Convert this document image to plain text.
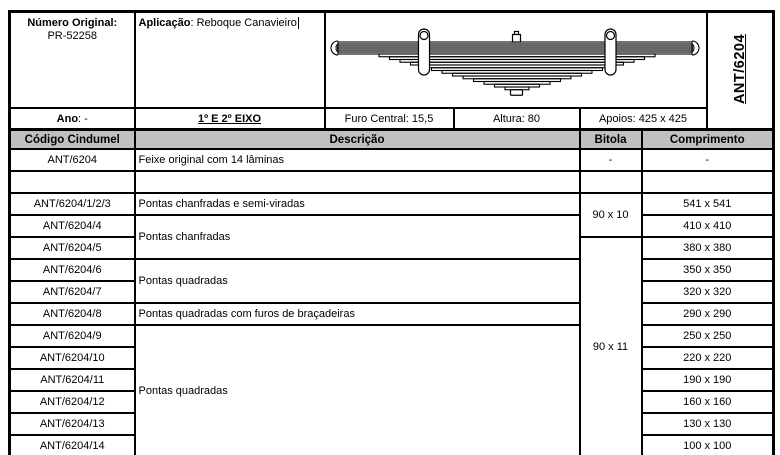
Número Original:
PR-52258	Aplicação: Reboque Canavieiro				ANT/6204

Ano: -	1º E 2º EIXO	Furo Central: 15,5	Altura: 80	Apoios: 425 x 425	
Código Cindumel	Descrição	Bitola	Comprimento
ANT/6204	Feixe original com 14 lâminas	-	-

ANT/6204/1/2/3	Pontas chanfradas e semi-viradas	90 x 10	541 x 541
ANT/6204/4	Pontas chanfradas		410 x 410
ANT/6204/5		90 x 11	380 x 380
ANT/6204/6	Pontas quadradas		350 x 350
ANT/6204/7			320 x 320
ANT/6204/8	Pontas quadradas com furos de braçadeiras		290 x 290
ANT/6204/9	Pontas quadradas		250 x 250
ANT/6204/10			220 x 220
ANT/6204/11			190 x 190
ANT/6204/12			160 x 160
ANT/6204/13			130 x 130
ANT/6204/14			100 x 100
